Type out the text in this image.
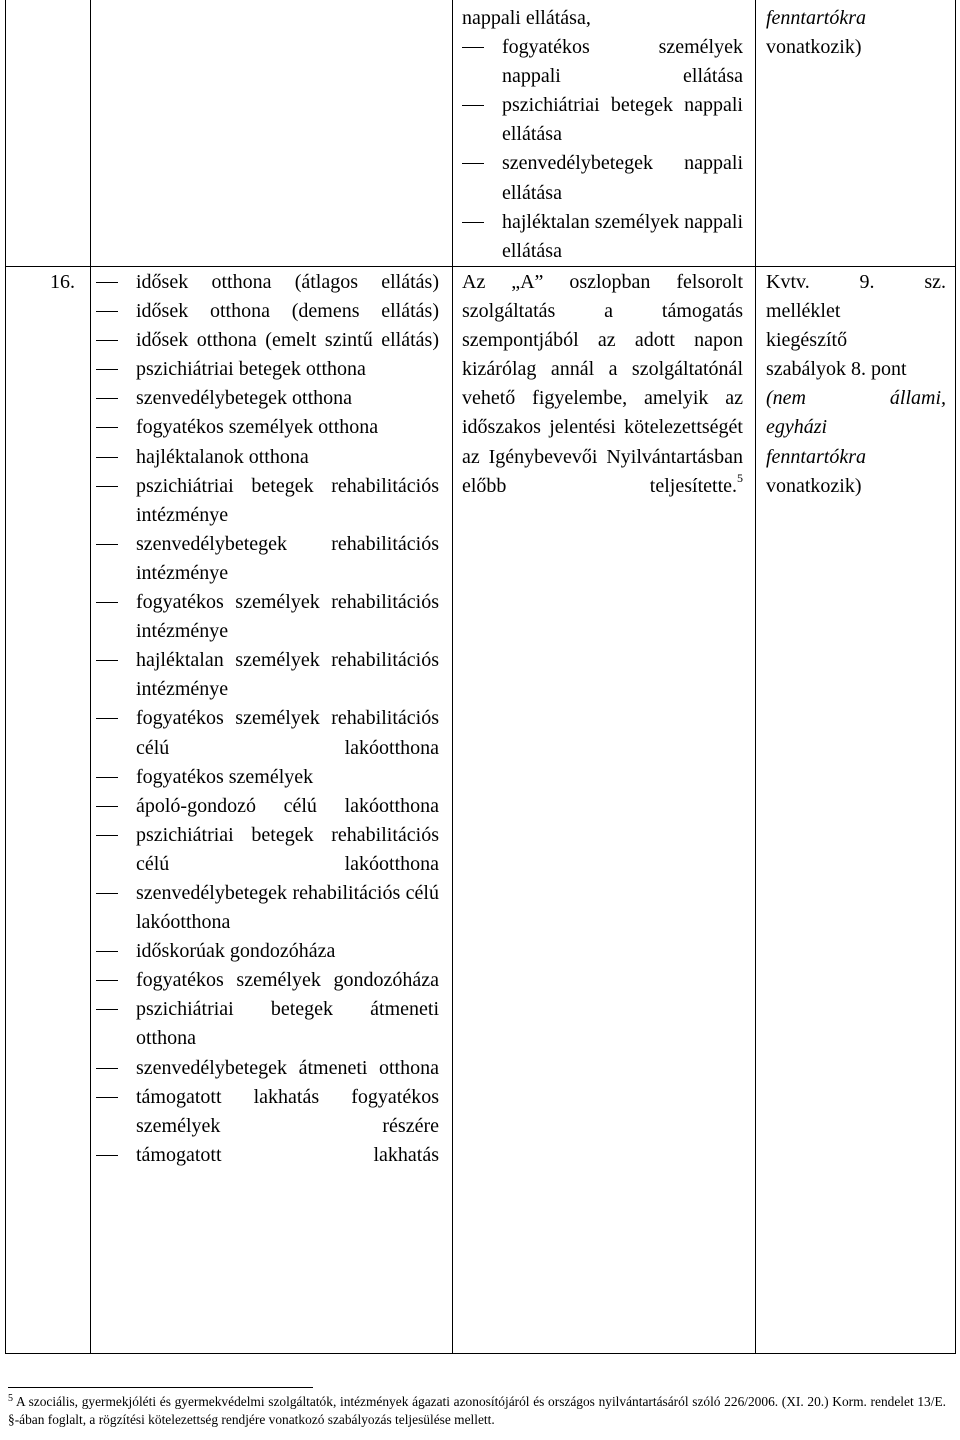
nappali ellátása,

fogyatékos személyek nappali ellátása
pszichiátriai betegek nappali ellátása
szenvedélybetegek nappali ellátása
hajléktalan személyek nappali ellátása

fenntartókra

vonatkozik)

16.	idősek otthona (átlagos ellátás)
idősek otthona (demens ellátás)
idősek otthona (emelt szintű ellátás)
pszichiátriai betegek otthona
szenvedélybetegek otthona
fogyatékos személyek otthona
hajléktalanok otthona
pszichiátriai betegek rehabilitációs intézménye
szenvedélybetegek rehabilitációs intézménye
fogyatékos személyek rehabilitációs intézménye
hajléktalan személyek rehabilitációs intézménye
fogyatékos személyek rehabilitációs célú lakóotthona
fogyatékos személyek
ápoló-gondozó célú lakóotthona
pszichiátriai betegek rehabilitációs célú lakóotthona
szenvedélybetegek rehabilitációs célú lakóotthona
időskorúak gondozóháza
fogyatékos személyek gondozóháza
pszichiátriai betegek átmeneti otthona
szenvedélybetegek átmeneti otthona
támogatott lakhatás fogyatékos személyek részére
támogatott lakhatás
Az „A” oszlopban felsorolt szolgáltatás a támogatás szempontjából az adott napon kizárólag annál a szolgáltatónál vehető figyelembe, amelyik az időszakos jelentési kötelezettségét az Igénybevevői Nyilvántartásban előbb teljesítette.$^5$

Kvtv. 9. sz.

melléklet

kiegészítő

szabályok 8. pont

(nem állami,

egyházi

fenntartókra

vonatkozik)

$^5$ A szociális, gyermekjóléti és gyermekvédelmi szolgáltatók, intézmények ágazati azonosítójáról és országos nyilvántartásáról szóló 226/2006. (XI. 20.) Korm. rendelet 13/E. §-ában foglalt, a rögzítési kötelezettség rendjére vonatkozó szabályozás teljesülése mellett.
